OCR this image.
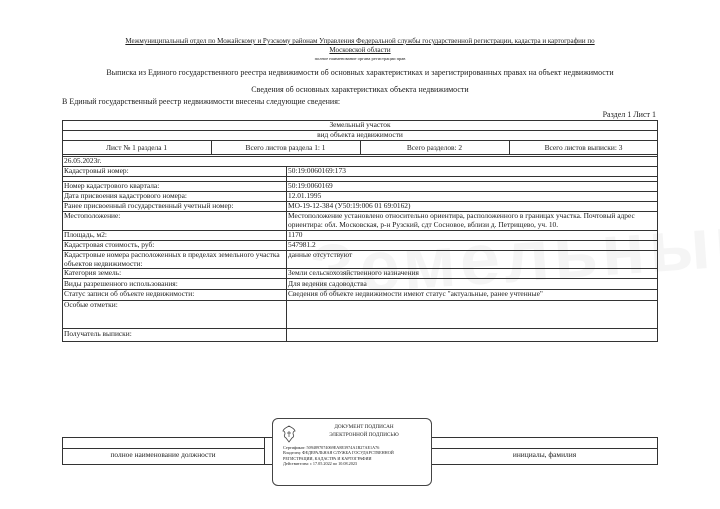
Межмуниципальный отдел по Можайскому и Рузскому районам Управления Федеральной службы государственной регистрации, кадастра и картографии по
Московской области
полное наименование органа регистрации прав
Выписка из Единого государственного реестра недвижимости об основных характеристиках и зарегистрированных правах на объект недвижимости
Сведения об основных характеристиках объекта недвижимости
В Единый государственный реестр недвижимости внесены следующие сведения:
Раздел 1 Лист 1
Земельный участок
вид объекта недвижимости
Лист № 1 раздела 1	Всего листов раздела 1: 1	Всего разделов: 2	Всего листов выписки: 3
26.05.2023г.
Кадастровый номер:	50:19:0060169:173
Номер кадастрового квартала:	50:19:0060169
Дата присвоения кадастрового номера:	12.01.1995
Ранее присвоенный государственный учетный номер:	МО-19-12-384 (У50:19:006 01 69:0162)
Местоположение:	Местоположение установлено относительно ориентира, расположенного в границах участка. Почтовый адрес ориентира: обл. Московская, р-н Рузский, сдт Сосновое, вблизи д. Петрищево, уч. 10.
Площадь, м2:	1170
Кадастровая стоимость, руб:	547981.2
Кадастровые номера расположенных в пределах земельного участка объектов недвижимости:
данные отсутствуют
Категория земель:	Земли сельскохозяйственного назначения
Виды разрешенного использования:	Для ведения садоводства
Статус записи об объекте недвижимости:	Сведения об объекте недвижимости имеют статус "актуальные, ранее учтенные"
Особые отметки:
Получатель выписки:
полное наименование должности	инициалы, фамилия
ДОКУМЕНТ ПОДПИСАН
ЭЛЕКТРОННОЙ ПОДПИСЬЮ
Сертификат: 5094897074069EA8E3974A1B27AE1A76
Владелец: ФЕДЕРАЛЬНАЯ СЛУЖБА ГОСУДАРСТВЕННОЙ
РЕГИСТРАЦИИ, КАДАСТРА И КАРТОГРАФИИ
Действителен: с 17.05.2022 по 10.08.2023
